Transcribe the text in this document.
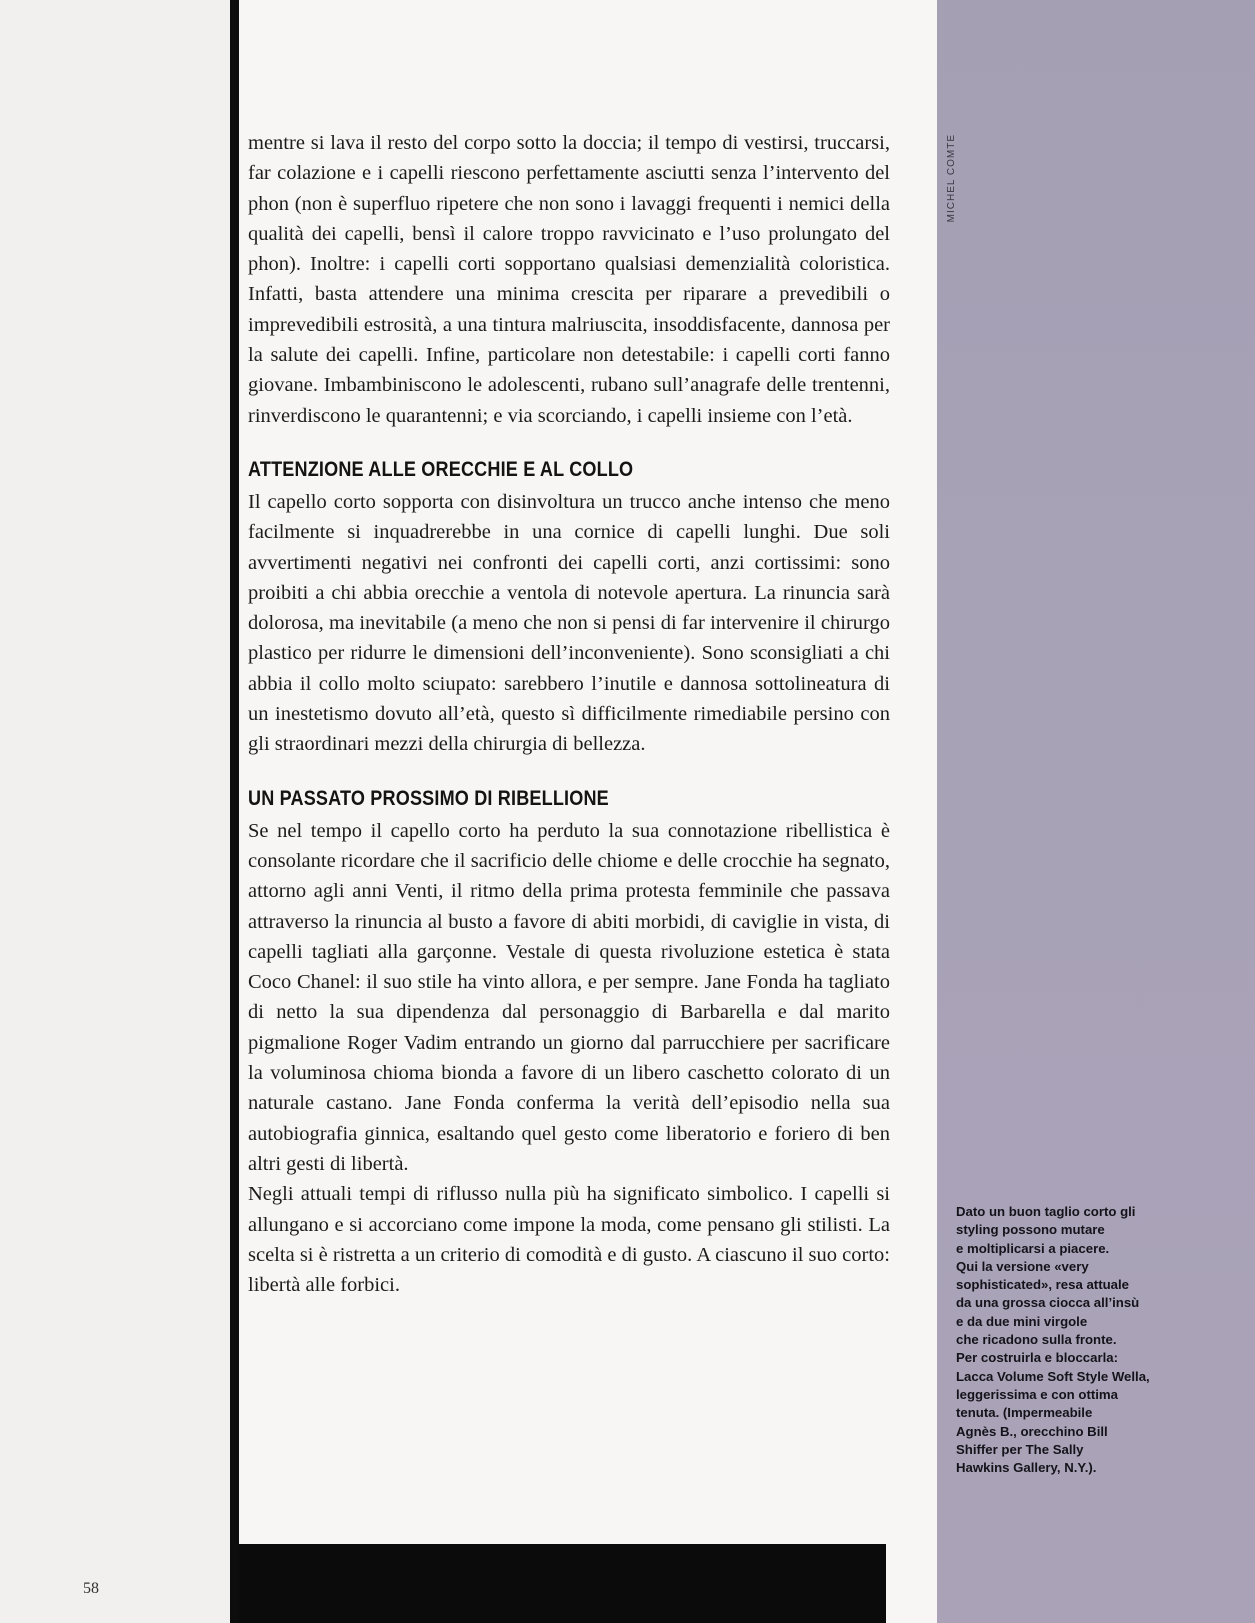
MICHEL COMTE

mentre si lava il resto del corpo sotto la doccia; il tempo di vestirsi, truccarsi, far colazione e i capelli riescono perfettamente asciutti senza l’intervento del phon (non è superfluo ripetere che non sono i lavaggi frequenti i nemici della qualità dei capelli, bensì il calore troppo ravvicinato e l’uso prolungato del phon). Inoltre: i capelli corti sopportano qualsiasi demenzialità coloristica. Infatti, basta attendere una minima crescita per riparare a prevedibili o imprevedibili estrosità, a una tintura malriuscita, insoddisfacente, dannosa per la salute dei capelli. Infine, particolare non detestabile: i capelli corti fanno giovane. Imbambiniscono le adolescenti, rubano sull’anagrafe delle trentenni, rinverdiscono le quarantenni; e via scorciando, i capelli insieme con l’età.

ATTENZIONE ALLE ORECCHIE E AL COLLO

Il capello corto sopporta con disinvoltura un trucco anche intenso che meno facilmente si inquadrerebbe in una cornice di capelli lunghi. Due soli avvertimenti negativi nei confronti dei capelli corti, anzi cortissimi: sono proibiti a chi abbia orecchie a ventola di notevole apertura. La rinuncia sarà dolorosa, ma inevitabile (a meno che non si pensi di far intervenire il chirurgo plastico per ridurre le dimensioni dell’inconveniente). Sono sconsigliati a chi abbia il collo molto sciupato: sarebbero l’inutile e dannosa sottolineatura di un inestetismo dovuto all’età, questo sì difficilmente rimediabile persino con gli straordinari mezzi della chirurgia di bellezza.

UN PASSATO PROSSIMO DI RIBELLIONE

Se nel tempo il capello corto ha perduto la sua connotazione ribellistica è consolante ricordare che il sacrificio delle chiome e delle crocchie ha segnato, attorno agli anni Venti, il ritmo della prima protesta femminile che passava attraverso la rinuncia al busto a favore di abiti morbidi, di caviglie in vista, di capelli tagliati alla garçonne. Vestale di questa rivoluzione estetica è stata Coco Chanel: il suo stile ha vinto allora, e per sempre. Jane Fonda ha tagliato di netto la sua dipendenza dal personaggio di Barbarella e dal marito pigmalione Roger Vadim entrando un giorno dal parrucchiere per sacrificare la voluminosa chioma bionda a favore di un libero caschetto colorato di un naturale castano. Jane Fonda conferma la verità dell’episodio nella sua autobiografia ginnica, esaltando quel gesto come liberatorio e foriero di ben altri gesti di libertà.

Negli attuali tempi di riflusso nulla più ha significato simbolico. I capelli si allungano e si accorciano come impone la moda, come pensano gli stilisti. La scelta si è ristretta a un criterio di comodità e di gusto. A ciascuno il suo corto: libertà alle forbici.

Dato un buon taglio corto gli
styling possono mutare
e moltiplicarsi a piacere.
Qui la versione «very
sophisticated», resa attuale
da una grossa ciocca all’insù
e da due mini virgole
che ricadono sulla fronte.
Per costruirla e bloccarla:
Lacca Volume Soft Style Wella,
leggerissima e con ottima
tenuta. (Impermeabile
Agnès B., orecchino Bill
Shiffer per The Sally
Hawkins Gallery, N.Y.).
58
